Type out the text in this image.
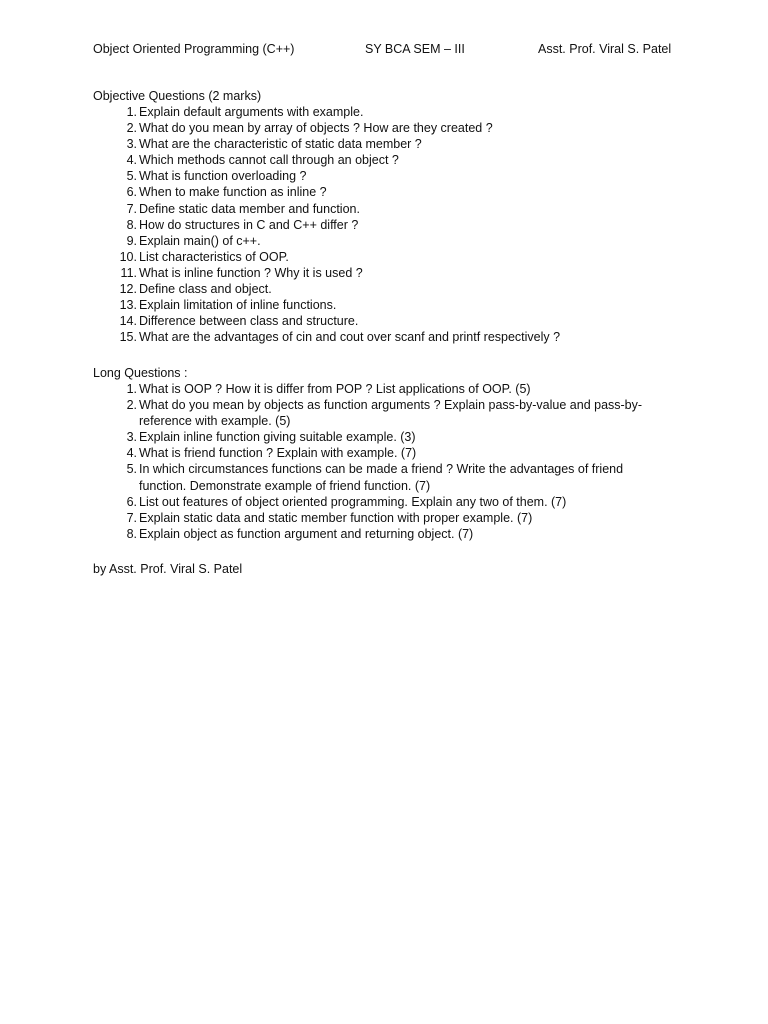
Object Oriented Programming (C++)	SY BCA SEM – III	Asst. Prof. Viral S. Patel
Objective Questions (2 marks)
1. Explain default arguments with example.
2. What do you mean by array of objects ? How are they created ?
3. What are the characteristic of static data member ?
4. Which methods cannot call through an object ?
5. What is function overloading ?
6. When to make function as inline ?
7. Define static data member and function.
8. How do structures in C and C++ differ ?
9. Explain main() of c++.
10. List characteristics of OOP.
11. What is inline function ? Why it is used ?
12. Define class and object.
13. Explain limitation of inline functions.
14. Difference between class and structure.
15. What are the advantages of cin and cout over scanf and printf respectively ?
Long Questions :
1. What is OOP ? How it is differ from POP ? List applications of OOP. (5)
2. What do you mean by objects as function arguments ? Explain pass-by-value and pass-by-
reference with example. (5)
3. Explain inline function giving suitable example. (3)
4. What is friend function ? Explain with example. (7)
5. In which circumstances functions can be made a friend ? Write the advantages of friend
function. Demonstrate example of friend function. (7)
6. List out features of object oriented programming. Explain any two of them. (7)
7. Explain static data and static member function with proper example. (7)
8. Explain object as function argument and returning object. (7)
by Asst. Prof. Viral S. Patel
